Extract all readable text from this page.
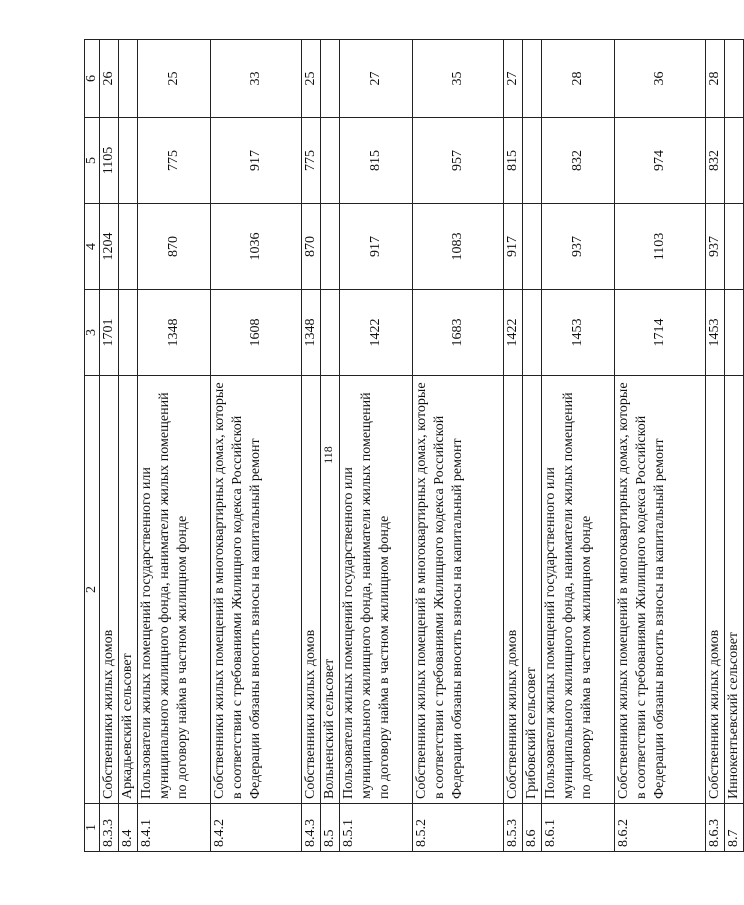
118
1	2	3	4	5	6
8.3.3	Собственники жилых домов	1701	1204	1105	26
8.4	Аркадьевский сельсовет				
8.4.1	Пользователи жилых помещений государственного или муниципального жилищного фонда, наниматели жилых помещений по договору найма в частном жилищном фонде	1348	870	775	25
8.4.2	Собственники жилых помещений в многоквартирных домах, которые в соответствии с требованиями Жилищного кодекса Российской Федерации обязаны вносить взносы на капитальный ремонт	1608	1036	917	33
8.4.3	Собственники жилых домов	1348	870	775	25
8.5	Вольненский сельсовет				
8.5.1	Пользователи жилых помещений государственного или муниципального жилищного фонда, наниматели жилых помещений по договору найма в частном жилищном фонде	1422	917	815	27
8.5.2	Собственники жилых помещений в многоквартирных домах, которые в соответствии с требованиями Жилищного кодекса Российской Федерации обязаны вносить взносы на капитальный ремонт	1683	1083	957	35
8.5.3	Собственники жилых домов	1422	917	815	27
8.6	Грибовский сельсовет				
8.6.1	Пользователи жилых помещений государственного или муниципального жилищного фонда, наниматели жилых помещений по договору найма в частном жилищном фонде	1453	937	832	28
8.6.2	Собственники жилых помещений в многоквартирных домах, которые в соответствии с требованиями Жилищного кодекса Российской Федерации обязаны вносить взносы на капитальный ремонт	1714	1103	974	36
8.6.3	Собственники жилых домов	1453	937	832	28
8.7	Иннокентьевский сельсовет				
